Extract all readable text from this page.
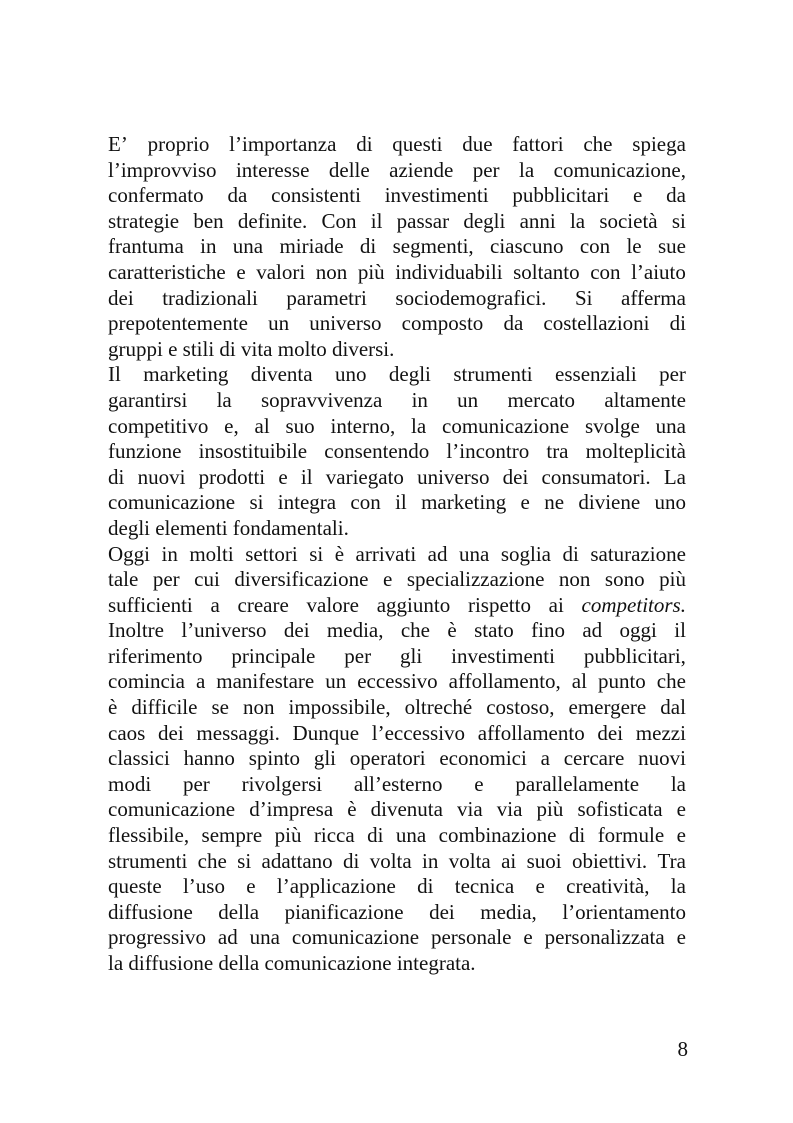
E’ proprio l’importanza di questi due fattori che spiega
l’improvviso interesse delle aziende per la comunicazione,
confermato da consistenti investimenti pubblicitari e da
strategie ben definite. Con il passar degli anni la società si
frantuma in una miriade di segmenti, ciascuno con le sue
caratteristiche e valori non più individuabili soltanto con l’aiuto
dei tradizionali parametri sociodemografici. Si afferma
prepotentemente un universo composto da costellazioni di
gruppi e stili di vita molto diversi.
Il marketing diventa uno degli strumenti essenziali per
garantirsi la sopravvivenza in un mercato altamente
competitivo e, al suo interno, la comunicazione svolge una
funzione insostituibile consentendo l’incontro tra molteplicità
di nuovi prodotti e il variegato universo dei consumatori. La
comunicazione si integra con il marketing e ne diviene uno
degli elementi fondamentali.
Oggi in molti settori si è arrivati ad una soglia di saturazione
tale per cui diversificazione e specializzazione non sono più
sufficienti a creare valore aggiunto rispetto ai competitors.
Inoltre l’universo dei media, che è stato fino ad oggi il
riferimento principale per gli investimenti pubblicitari,
comincia a manifestare un eccessivo affollamento, al punto che
è difficile se non impossibile, oltreché costoso, emergere dal
caos dei messaggi. Dunque l’eccessivo affollamento dei mezzi
classici hanno spinto gli operatori economici a cercare nuovi
modi per rivolgersi all’esterno e parallelamente la
comunicazione d’impresa è divenuta via via più sofisticata e
flessibile, sempre più ricca di una combinazione di formule e
strumenti che si adattano di volta in volta ai suoi obiettivi. Tra
queste l’uso e l’applicazione di tecnica e creatività, la
diffusione della pianificazione dei media, l’orientamento
progressivo ad una comunicazione personale e personalizzata e
la diffusione della comunicazione integrata.
8
